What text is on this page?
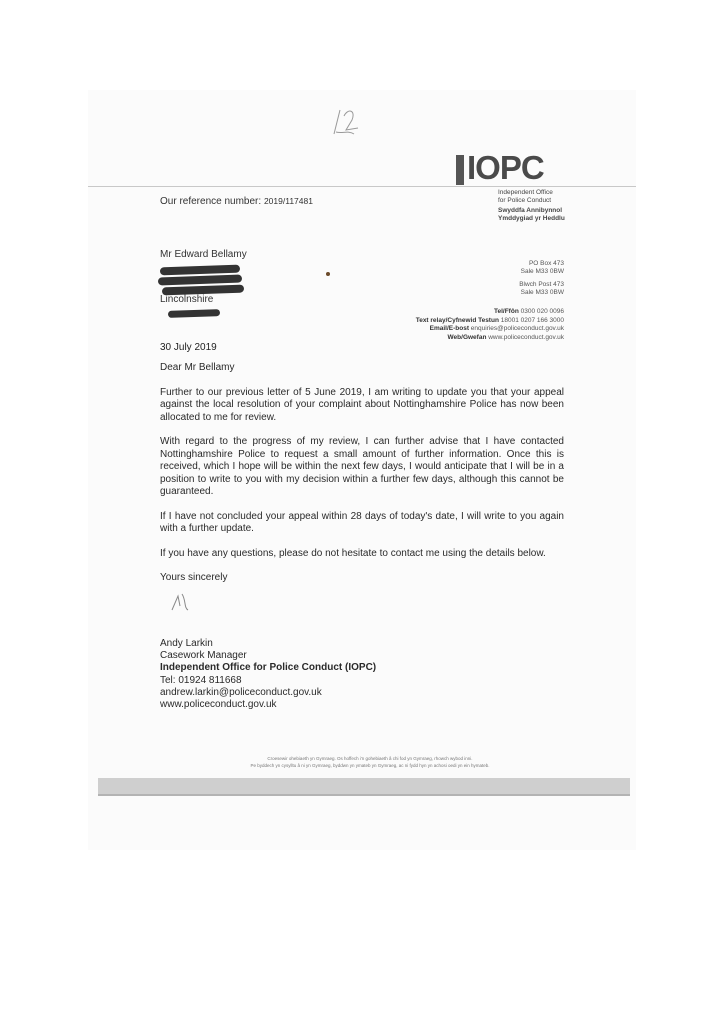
IOPC
Independent Office
for Police Conduct
Swyddfa Annibynnol
Ymddygiad yr Heddlu
Our reference number: 2019/117481
Mr Edward Bellamy
Lincolnshire
PO Box 473
Sale M33 0BW
Blwch Post 473
Sale M33 0BW
Tel/Ffôn 0300 020 0096
Text relay/Cyfnewid Testun 18001 0207 166 3000
Email/E-bost enquiries@policeconduct.gov.uk
Web/Gwefan www.policeconduct.gov.uk
30 July 2019

Dear Mr Bellamy

Further to our previous letter of 5 June 2019, I am writing to update you that your appeal against the local resolution of your complaint about Nottinghamshire Police has now been allocated to me for review.

With regard to the progress of my review, I can further advise that I have contacted Nottinghamshire Police to request a small amount of further information. Once this is received, which I hope will be within the next few days, I would anticipate that I will be in a position to write to you with my decision within a further few days, although this cannot be guaranteed.

If I have not concluded your appeal within 28 days of today's date, I will write to you again with a further update.

If you have any questions, please do not hesitate to contact me using the details below.

Yours sincerely

Andy Larkin
Casework Manager
Independent Office for Police Conduct (IOPC)
Tel: 01924 811668
andrew.larkin@policeconduct.gov.uk
www.policeconduct.gov.uk
Croesewir ohebiaeth yn Gymraeg. Os hoffech i'n gohebiaeth â chi fod yn Gymraeg, rhowch wybod inni.
Pe byddech yn cysylltu â ni yn Gymraeg, byddwn yn ymateb yn Gymraeg, ac ni fydd hyn yn achosi oedi yn ein hymateb.
